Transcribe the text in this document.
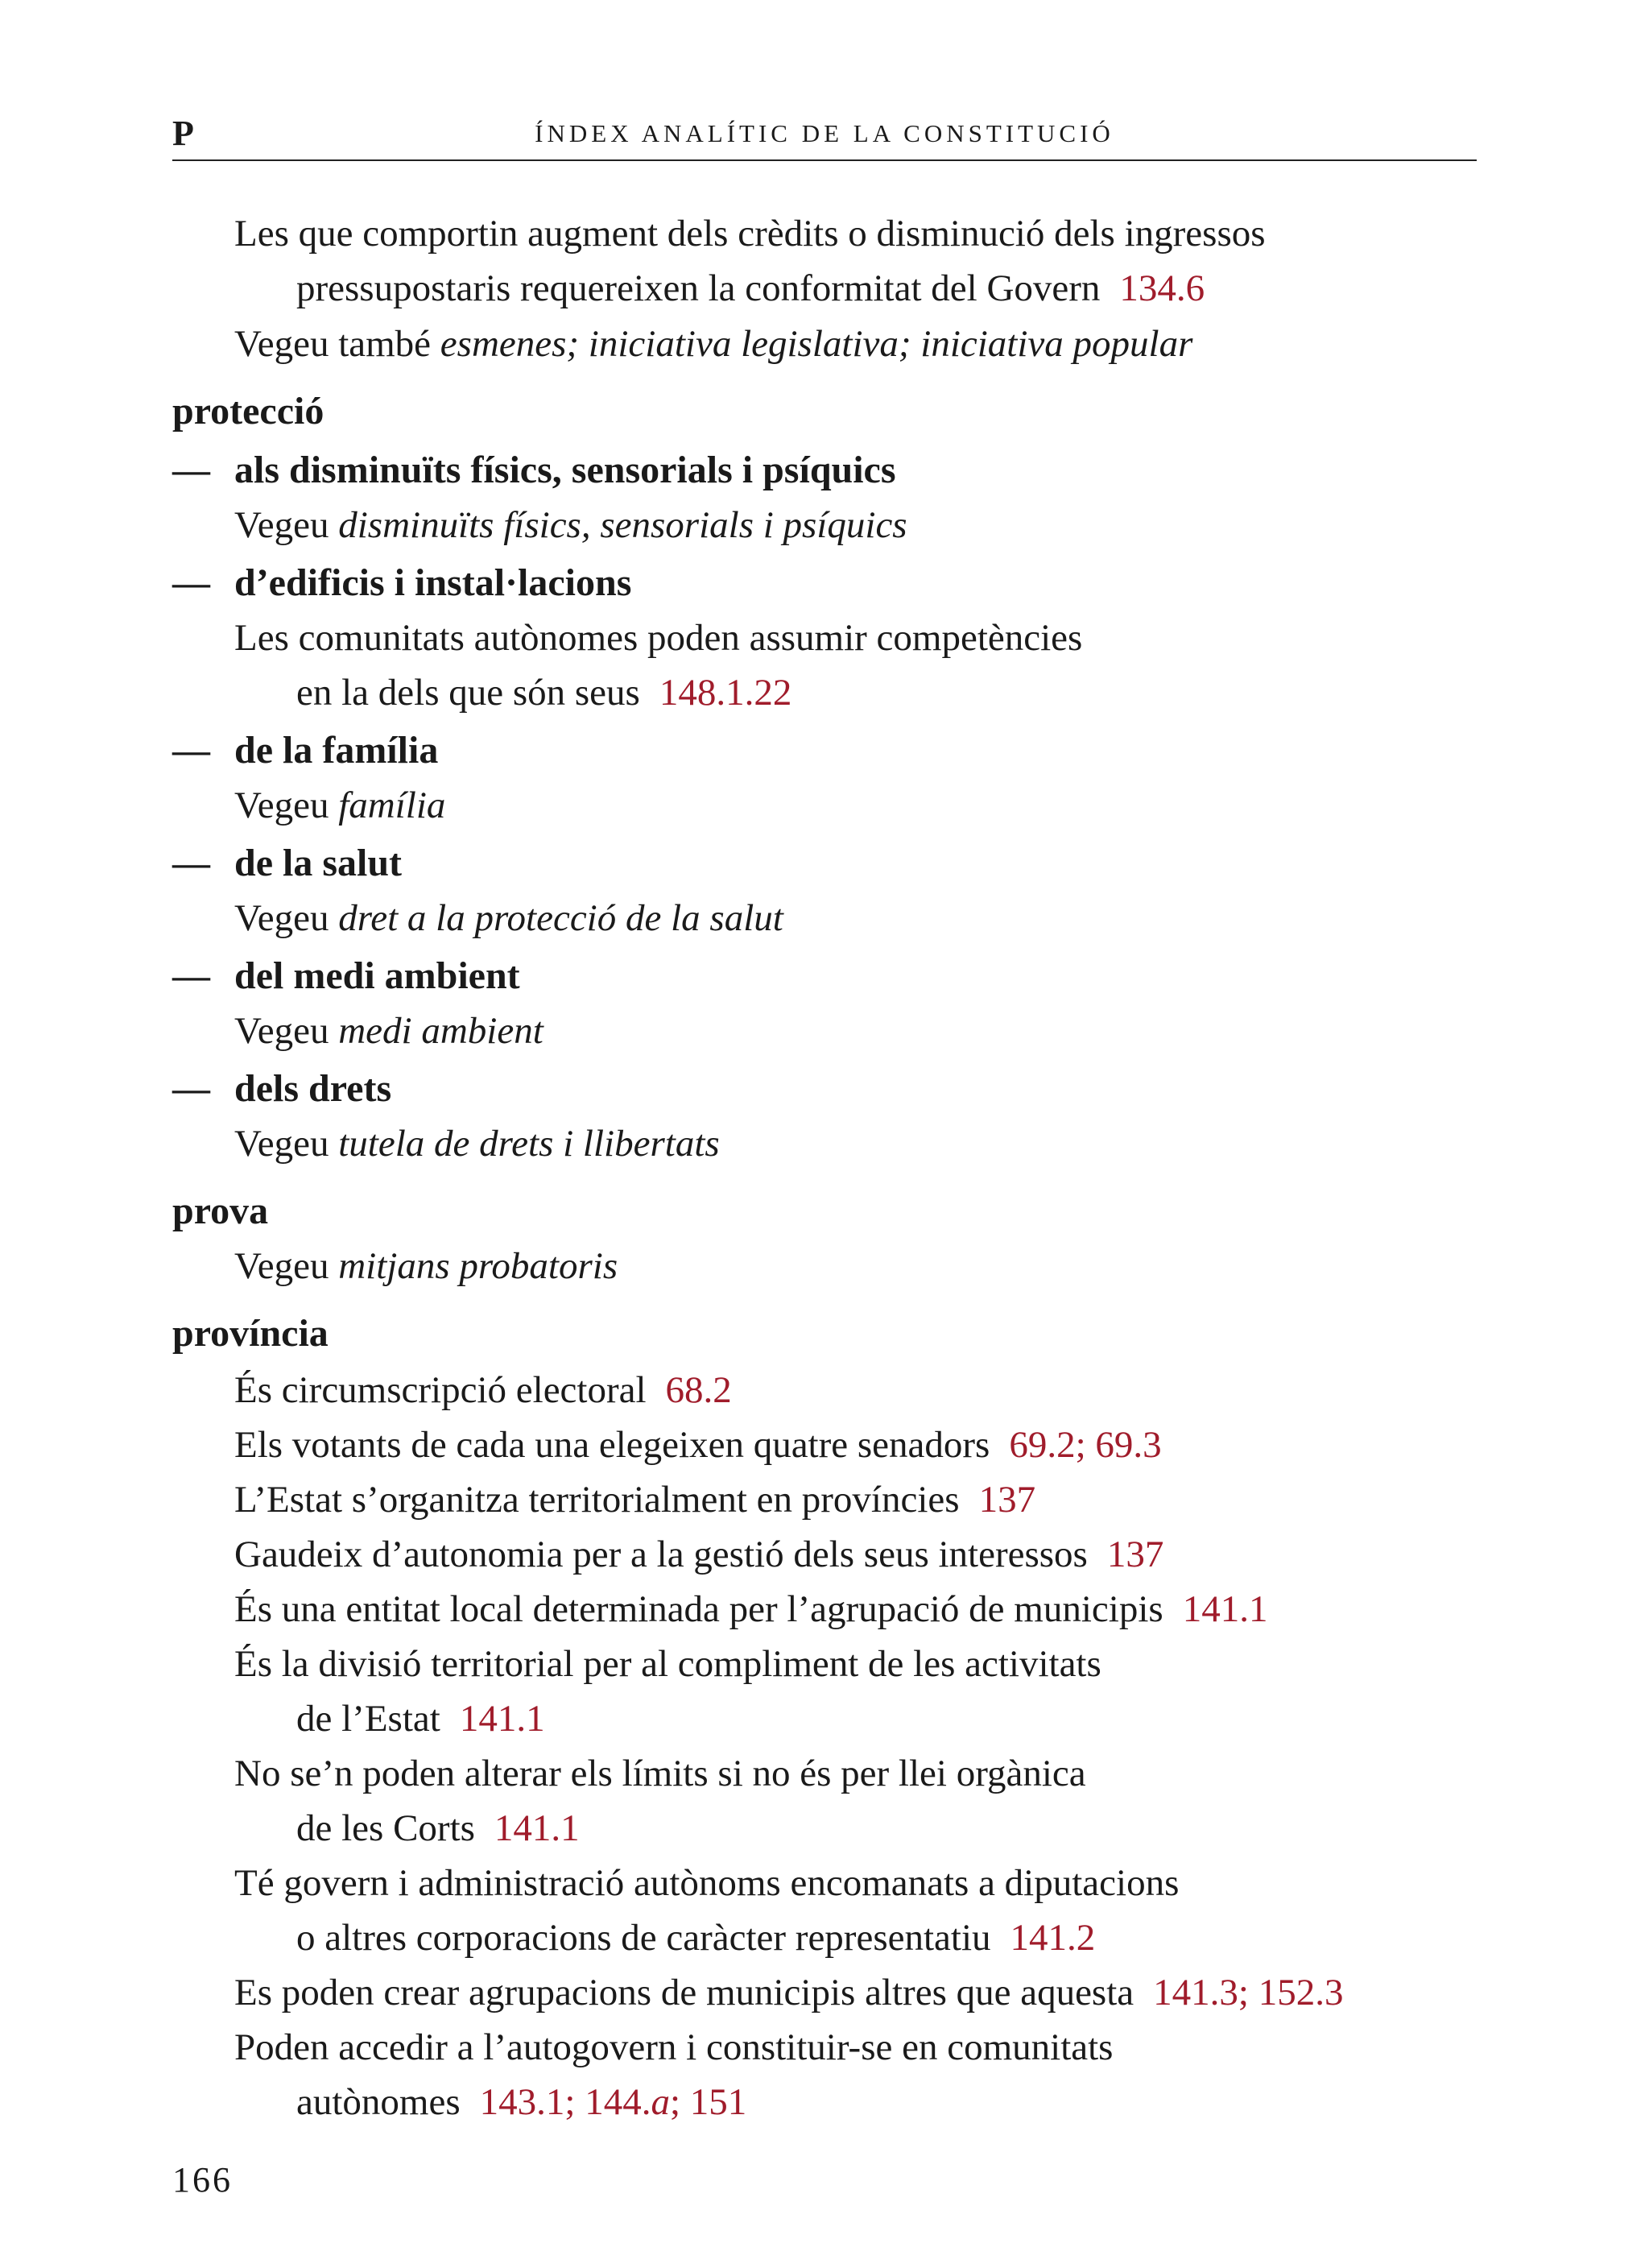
P	ÍNDEX ANALÍTIC DE LA CONSTITUCIÓ
Les que comportin augment dels crèdits o disminució dels ingressos
pressupostaris requereixen la conformitat del Govern 134.6
Vegeu també esmenes; iniciativa legislativa; iniciativa popular
protecció
— als disminuïts físics, sensorials i psíquics
Vegeu disminuïts físics, sensorials i psíquics
— d’edificis i instal·lacions
Les comunitats autònomes poden assumir competències
en la dels que són seus 148.1.22
— de la família
Vegeu família
— de la salut
Vegeu dret a la protecció de la salut
— del medi ambient
Vegeu medi ambient
— dels drets
Vegeu tutela de drets i llibertats
prova
Vegeu mitjans probatoris
província
És circumscripció electoral 68.2
Els votants de cada una elegeixen quatre senadors 69.2; 69.3
L’Estat s’organitza territorialment en províncies 137
Gaudeix d’autonomia per a la gestió dels seus interessos 137
És una entitat local determinada per l’agrupació de municipis 141.1
És la divisió territorial per al compliment de les activitats
de l’Estat 141.1
No se’n poden alterar els límits si no és per llei orgànica
de les Corts 141.1
Té govern i administració autònoms encomanats a diputacions
o altres corporacions de caràcter representatiu 141.2
Es poden crear agrupacions de municipis altres que aquesta 141.3; 152.3
Poden accedir a l’autogovern i constituir-se en comunitats
autònomes 143.1; 144.a; 151
166
